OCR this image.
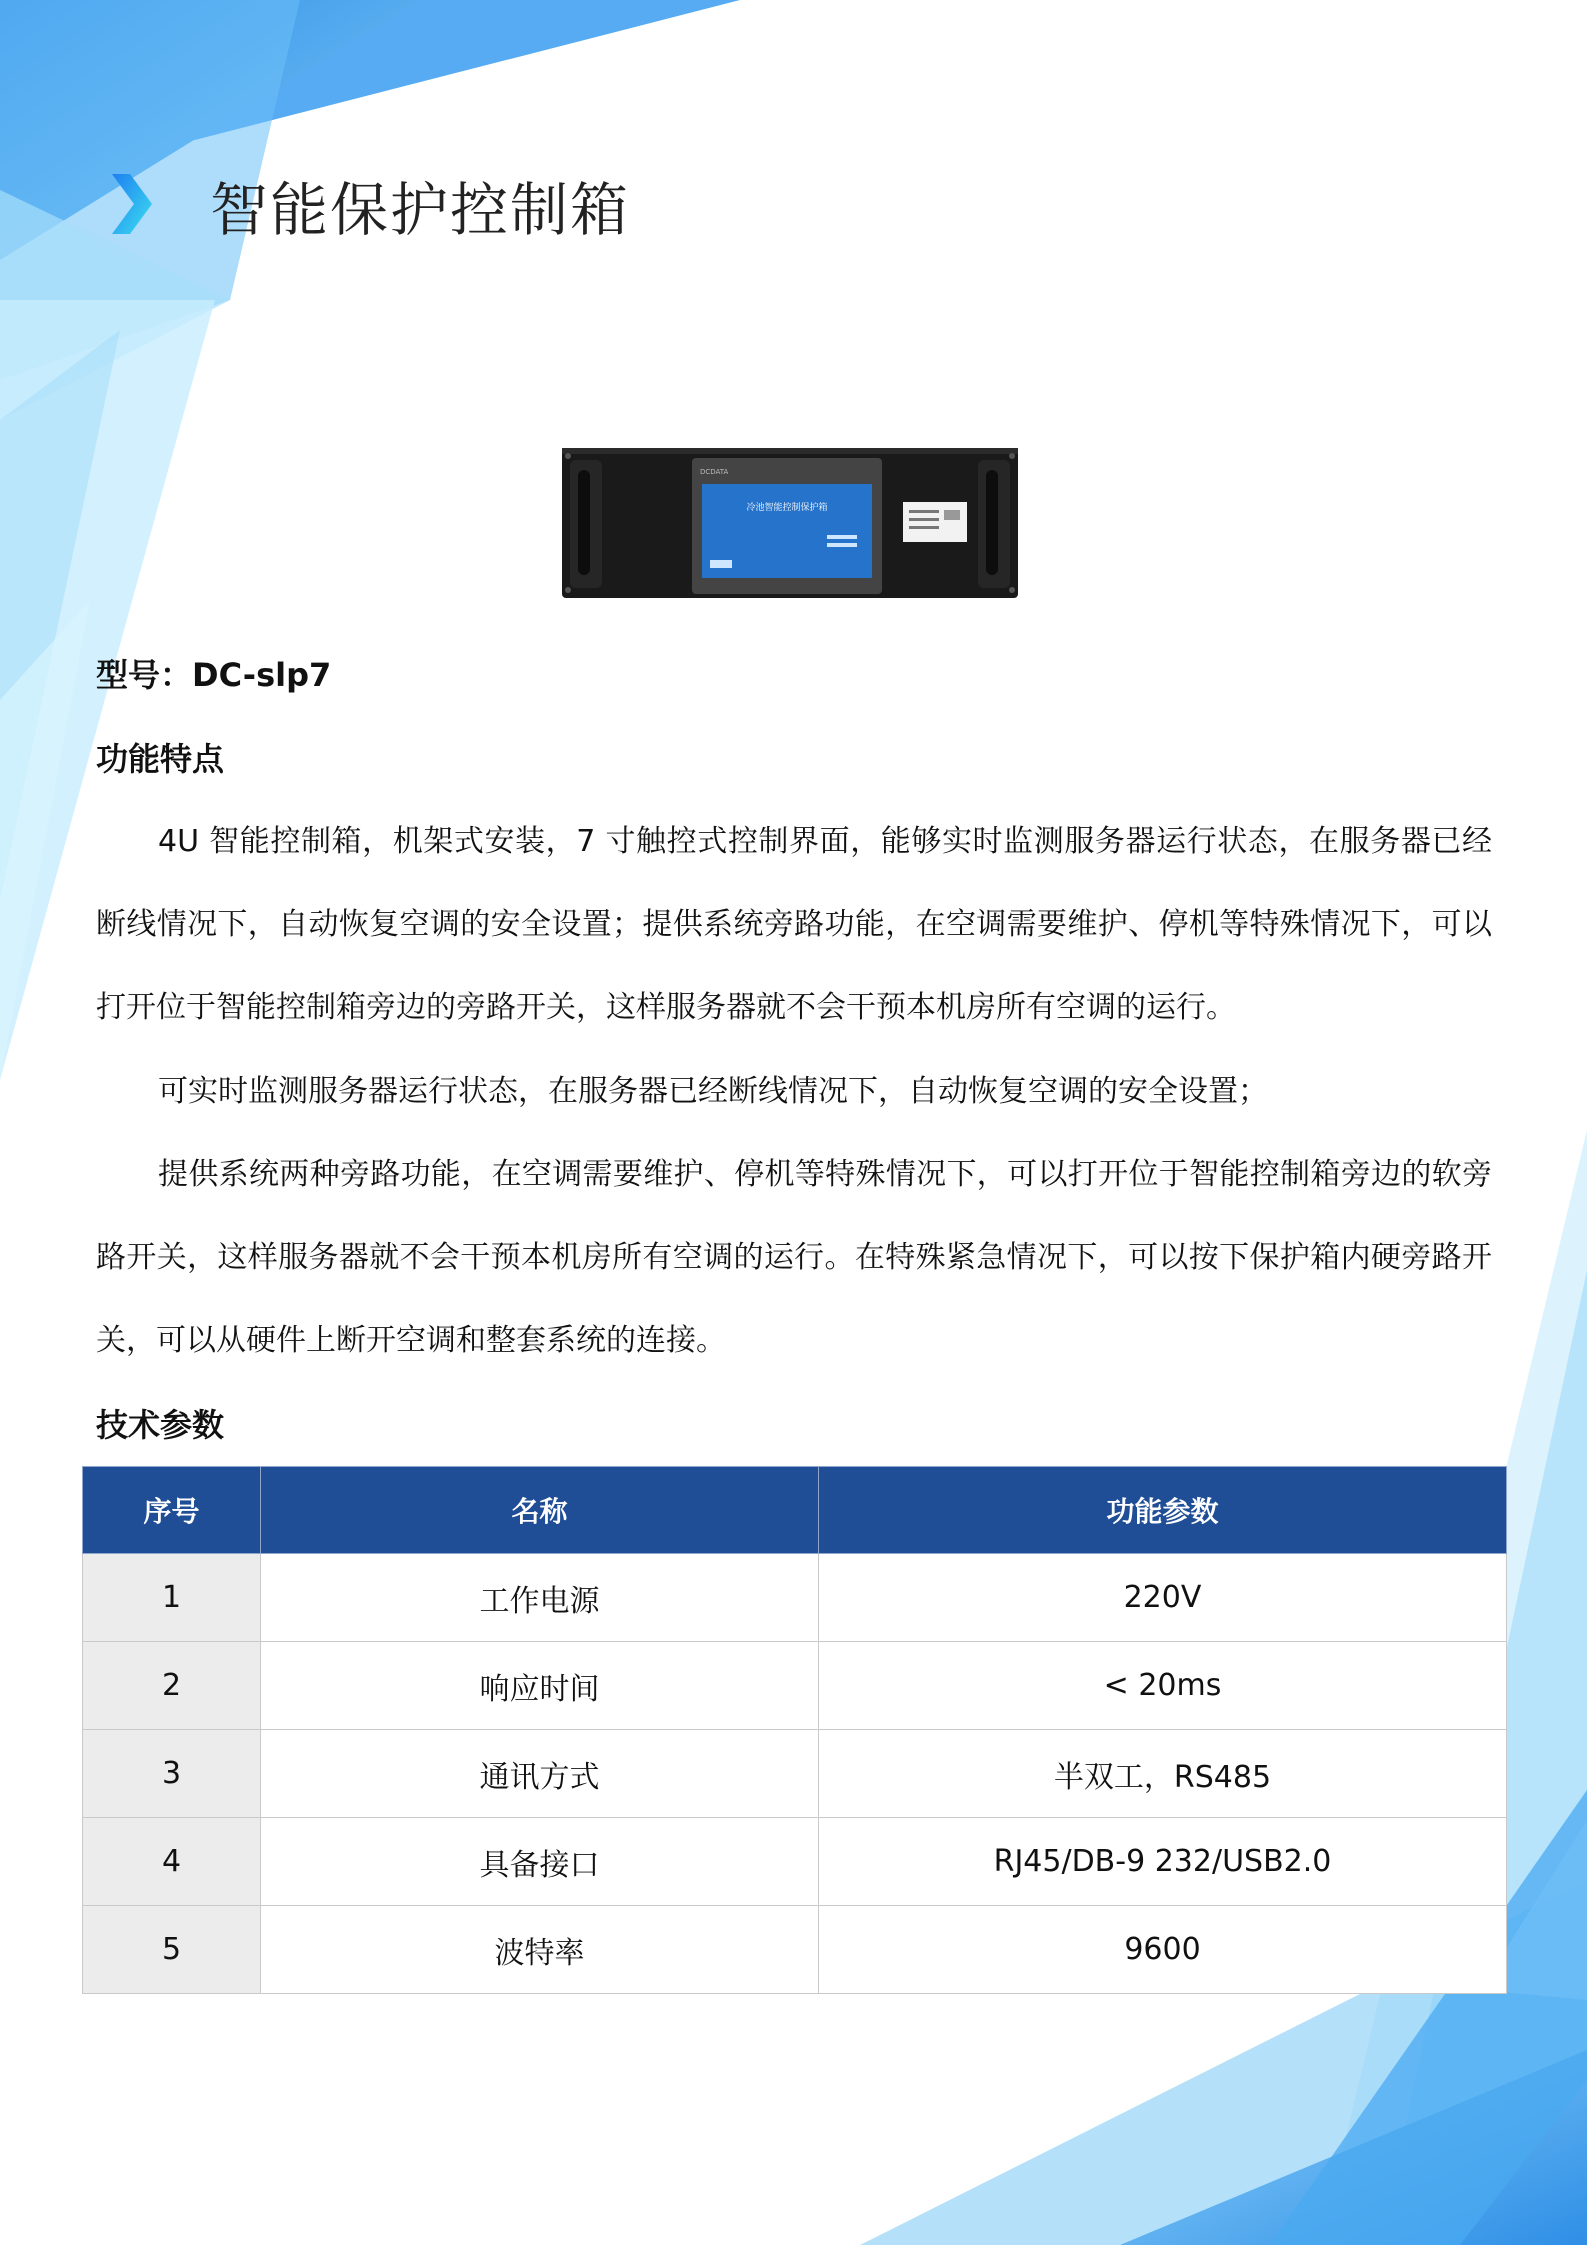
智能保护控制箱
DCDATA
冷池智能控制保护箱
型号：DC-slp7
功能特点

4U 智能控制箱，机架式安装，7 寸触控式控制界面，能够实时监测服务器运行状态，在服务器已经断线情况下，自动恢复空调的安全设置；提供系统旁路功能，在空调需要维护、停机等特殊情况下，可以打开位于智能控制箱旁边的旁路开关，这样服务器就不会干预本机房所有空调的运行。

可实时监测服务器运行状态，在服务器已经断线情况下，自动恢复空调的安全设置；

提供系统两种旁路功能，在空调需要维护、停机等特殊情况下，可以打开位于智能控制箱旁边的软旁路开关，这样服务器就不会干预本机房所有空调的运行。在特殊紧急情况下，可以按下保护箱内硬旁路开关，可以从硬件上断开空调和整套系统的连接。

技术参数
序号	名称	功能参数
1	工作电源	220V
2	响应时间	< 20ms
3	通讯方式	半双工，RS485
4	具备接口	RJ45/DB-9 232/USB2.0
5	波特率	9600
